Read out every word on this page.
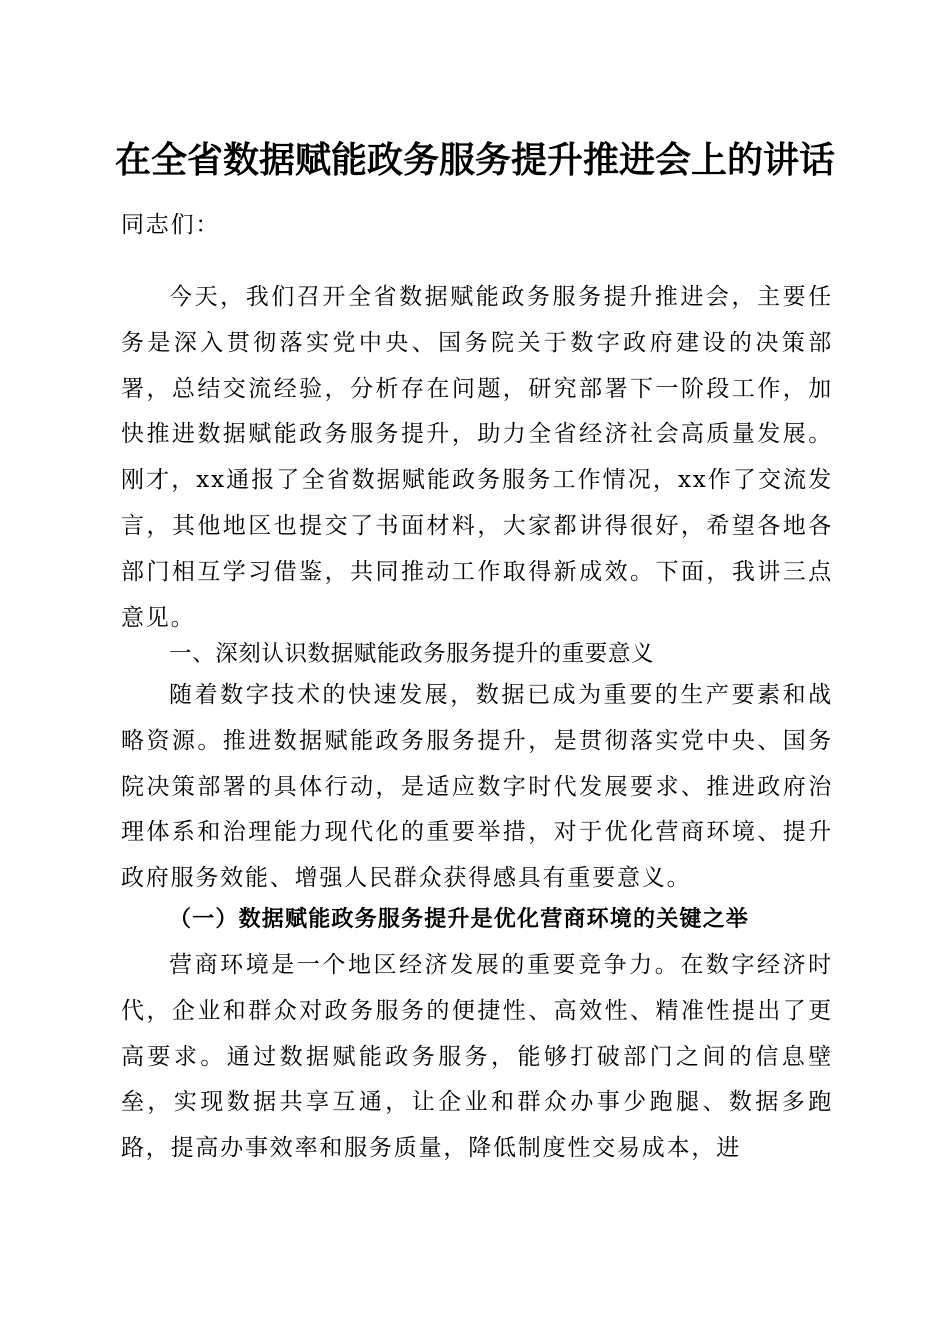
在全省数据赋能政务服务提升推进会上的讲话
同志们：
今天，我们召开全省数据赋能政务服务提升推进会，主要任务是深入贯彻落实党中央、国务院关于数字政府建设的决策部署，总结交流经验，分析存在问题，研究部署下一阶段工作，加快推进数据赋能政务服务提升，助力全省经济社会高质量发展。刚才，xx通报了全省数据赋能政务服务工作情况，xx作了交流发言，其他地区也提交了书面材料，大家都讲得很好，希望各地各部门相互学习借鉴，共同推动工作取得新成效。下面，我讲三点意见。
一、深刻认识数据赋能政务服务提升的重要意义
随着数字技术的快速发展，数据已成为重要的生产要素和战略资源。推进数据赋能政务服务提升，是贯彻落实党中央、国务院决策部署的具体行动，是适应数字时代发展要求、推进政府治理体系和治理能力现代化的重要举措，对于优化营商环境、提升政府服务效能、增强人民群众获得感具有重要意义。
（一）数据赋能政务服务提升是优化营商环境的关键之举
营商环境是一个地区经济发展的重要竞争力。在数字经济时代，企业和群众对政务服务的便捷性、高效性、精准性提出了更高要求。通过数据赋能政务服务，能够打破部门之间的信息壁垒，实现数据共享互通，让企业和群众办事少跑腿、数据多跑路，提高办事效率和服务质量，降低制度性交易成本，进
